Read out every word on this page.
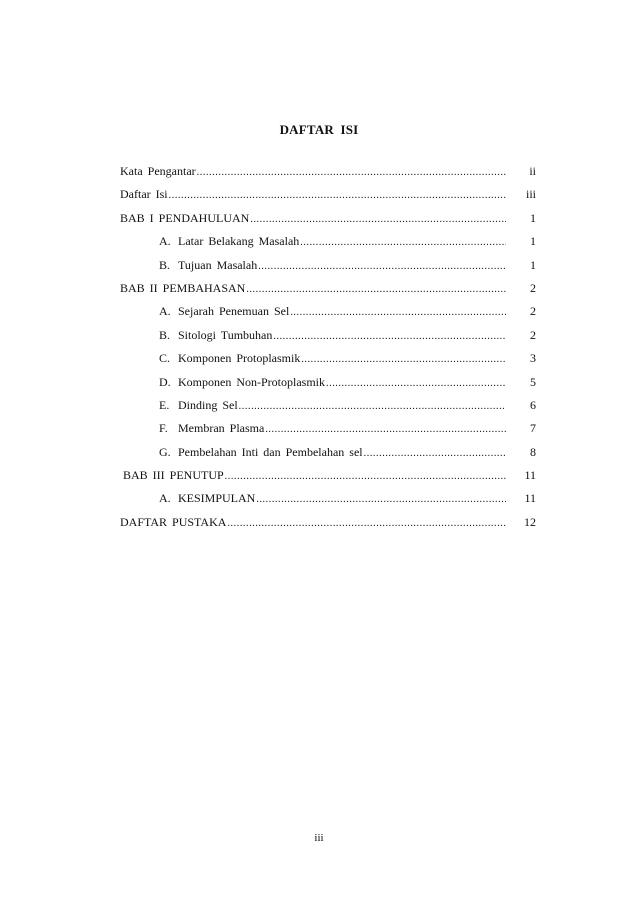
DAFTAR ISI
Kata Pengantar .....	ii
Daftar Isi .....	iii
BAB I PENDAHULUAN .....	1
A. Latar Belakang Masalah .....	1
B. Tujuan Masalah .....	1
BAB II PEMBAHASAN .....	2
A. Sejarah Penemuan Sel .....	2
B. Sitologi Tumbuhan .....	2
C. Komponen Protoplasmik .....	3
D. Komponen Non-Protoplasmik .....	5
E. Dinding Sel .....	6
F. Membran Plasma .....	7
G. Pembelahan Inti dan Pembelahan sel .....	8
BAB III PENUTUP .....	11
A. KESIMPULAN .....	11
DAFTAR PUSTAKA .....	12
iii
